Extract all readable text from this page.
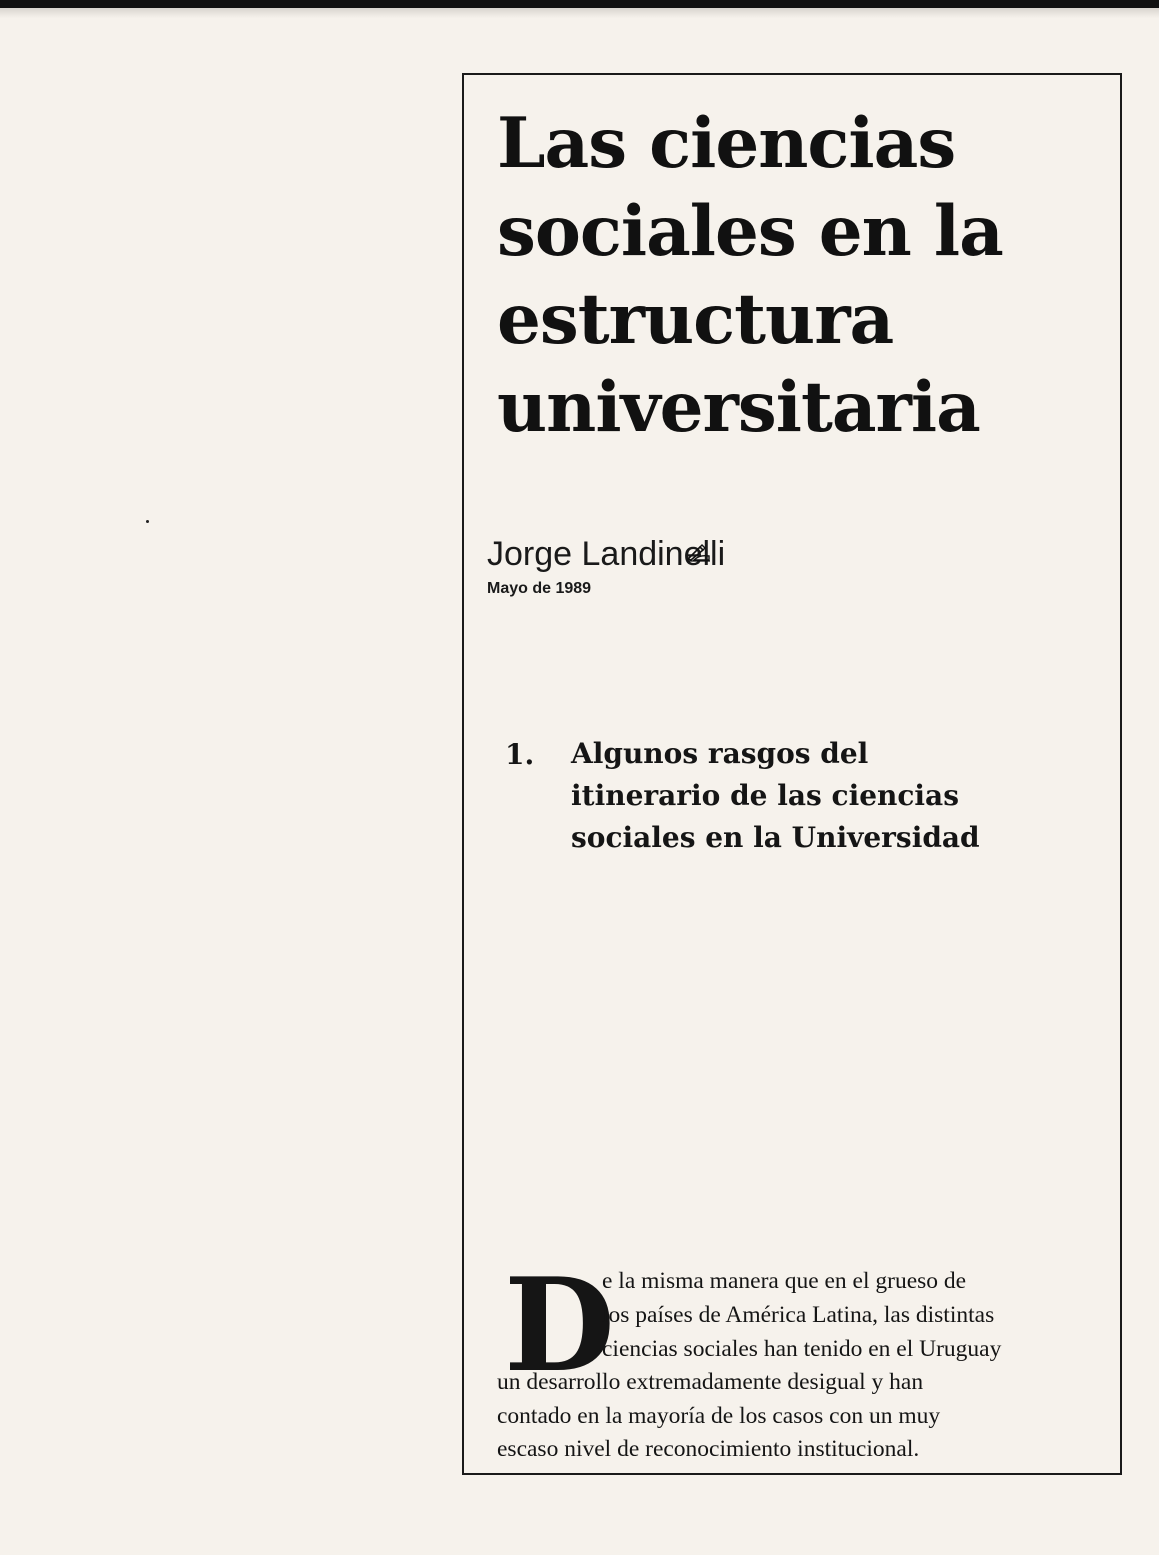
Las ciencias
sociales en la
estructura
universitaria
Jorge Landinelli
Mayo de 1989
1. Algunos rasgos del
itinerario de las ciencias
sociales en la Universidad
D
e la misma manera que en el grueso de
los países de América Latina, las distintas
ciencias sociales han tenido en el Uruguay
un desarrollo extremadamente desigual y han
contado en la mayoría de los casos con un muy
escaso nivel de reconocimiento institucional.
